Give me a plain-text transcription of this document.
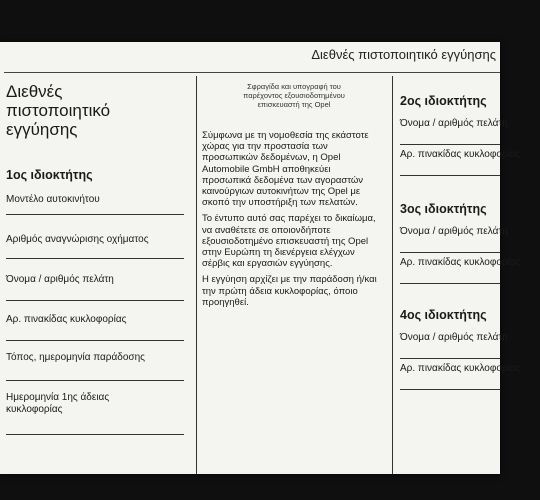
Διεθνές πιστοποιητικό εγγύησης
Διεθνές
πιστοποιητικό
εγγύησης
1ος ιδιοκτήτης
Μοντέλο αυτοκινήτου
Αριθμός αναγνώρισης οχήματος
Όνομα / αριθμός πελάτη
Αρ. πινακίδας κυκλοφορίας
Τόπος, ημερομηνία παράδοσης
Ημερομηνία 1ης άδειας
κυκλοφορίας
Σφραγίδα και υπογραφή του
παρέχοντος εξουσιοδοτημένου
επισκευαστή της Opel

Σύμφωνα με τη νομοθεσία της εκάστοτε χώρας για την προστασία των προσωπικών δεδομένων, η Opel Automobile GmbH αποθηκεύει προσωπικά δεδομένα των αγοραστών καινούργιων αυτοκινήτων της Opel με σκοπό την υποστήριξη των πελατών.

Το έντυπο αυτό σας παρέχει το δικαίωμα, να αναθέτετε σε οποιονδήποτε εξουσιοδοτημένο επισκευαστή της Opel στην Ευρώπη τη διενέργεια ελέγχων σέρβις και εργασιών εγγύησης.

Η εγγύηση αρχίζει με την παράδοση ή/και την πρώτη άδεια κυκλοφορίας, όποιο προηγηθεί.

2ος ιδιοκτήτης
Όνομα / αριθμός πελάτη
Αρ. πινακίδας κυκλοφορίας
3ος ιδιοκτήτης
Όνομα / αριθμός πελάτη
Αρ. πινακίδας κυκλοφορίας
4ος ιδιοκτήτης
Όνομα / αριθμός πελάτη
Αρ. πινακίδας κυκλοφορίας
